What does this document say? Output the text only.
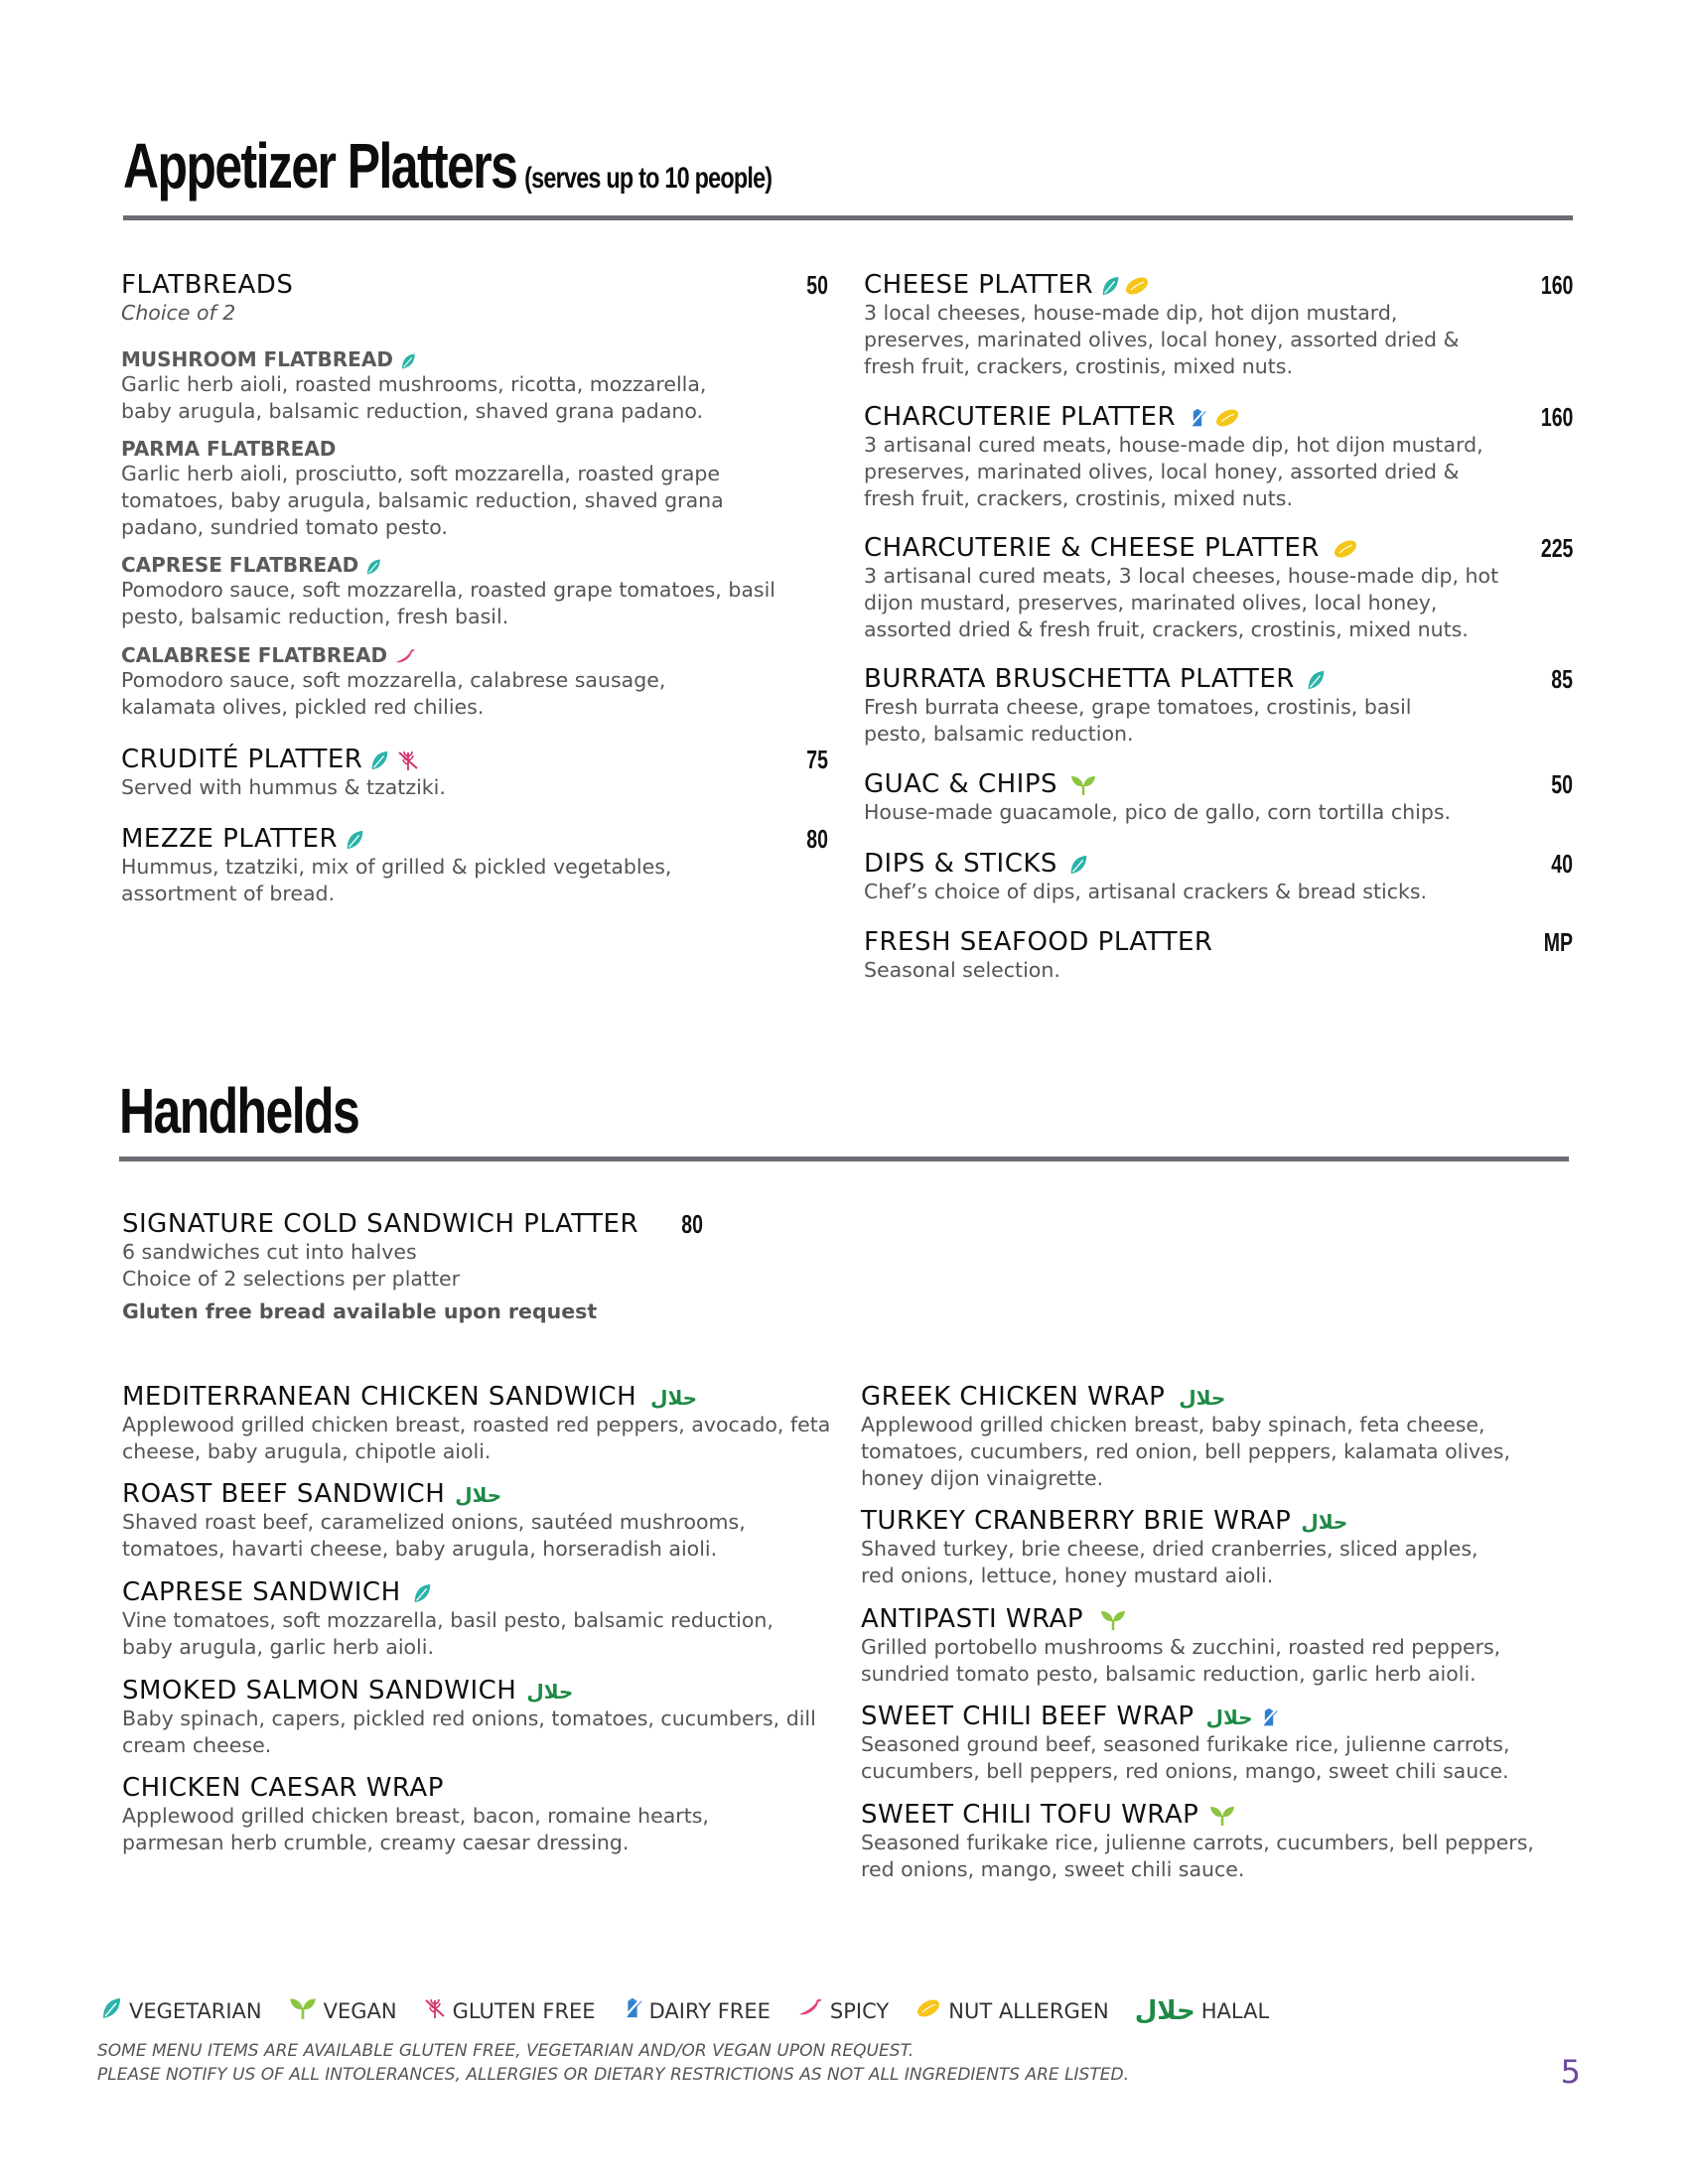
Appetizer Platters (serves up to 10 people)
FLATBREADS
Choice of 2
50
MUSHROOM FLATBREAD
Garlic herb aioli, roasted mushrooms, ricotta, mozzarella, baby arugula, balsamic reduction, shaved grana padano.
PARMA FLATBREAD
Garlic herb aioli, prosciutto, soft mozzarella, roasted grape tomatoes, baby arugula, balsamic reduction, shaved grana padano, sundried tomato pesto.
CAPRESE FLATBREAD
Pomodoro sauce, soft mozzarella, roasted grape tomatoes, basil pesto, balsamic reduction, fresh basil.
CALABRESE FLATBREAD
Pomodoro sauce, soft mozzarella, calabrese sausage, kalamata olives, pickled red chilies.
CRUDITÉ PLATTER
Served with hummus & tzatziki.
75
MEZZE PLATTER
Hummus, tzatziki, mix of grilled & pickled vegetables, assortment of bread.
80
CHEESE PLATTER
3 local cheeses, house-made dip, hot dijon mustard, preserves, marinated olives, local honey, assorted dried & fresh fruit, crackers, crostinis, mixed nuts.
160
CHARCUTERIE PLATTER
3 artisanal cured meats, house-made dip, hot dijon mustard, preserves, marinated olives, local honey, assorted dried & fresh fruit, crackers, crostinis, mixed nuts.
160
CHARCUTERIE & CHEESE PLATTER
3 artisanal cured meats, 3 local cheeses, house-made dip, hot dijon mustard, preserves, marinated olives, local honey, assorted dried & fresh fruit, crackers, crostinis, mixed nuts.
225
BURRATA BRUSCHETTA PLATTER
Fresh burrata cheese, grape tomatoes, crostinis, basil pesto, balsamic reduction.
85
GUAC & CHIPS
House-made guacamole, pico de gallo, corn tortilla chips.
50
DIPS & STICKS
Chef’s choice of dips, artisanal crackers & bread sticks.
40
FRESH SEAFOOD PLATTER
Seasonal selection.
MP
Handhelds
SIGNATURE COLD SANDWICH PLATTER
6 sandwiches cut into halves
Choice of 2 selections per platter
Gluten free bread available upon request
80
MEDITERRANEAN CHICKEN SANDWICH حلال
Applewood grilled chicken breast, roasted red peppers, avocado, feta cheese, baby arugula, chipotle aioli.
ROAST BEEF SANDWICH حلال
Shaved roast beef, caramelized onions, sautéed mushrooms, tomatoes, havarti cheese, baby arugula, horseradish aioli.
CAPRESE SANDWICH
Vine tomatoes, soft mozzarella, basil pesto, balsamic reduction, baby arugula, garlic herb aioli.
SMOKED SALMON SANDWICH حلال
Baby spinach, capers, pickled red onions, tomatoes, cucumbers, dill cream cheese.
CHICKEN CAESAR WRAP
Applewood grilled chicken breast, bacon, romaine hearts, parmesan herb crumble, creamy caesar dressing.
GREEK CHICKEN WRAP حلال
Applewood grilled chicken breast, baby spinach, feta cheese, tomatoes, cucumbers, red onion, bell peppers, kalamata olives, honey dijon vinaigrette.
TURKEY CRANBERRY BRIE WRAP حلال
Shaved turkey, brie cheese, dried cranberries, sliced apples, red onions, lettuce, honey mustard aioli.
ANTIPASTI WRAP
Grilled portobello mushrooms & zucchini, roasted red peppers, sundried tomato pesto, balsamic reduction, garlic herb aioli.
SWEET CHILI BEEF WRAP حلال
Seasoned ground beef, seasoned furikake rice, julienne carrots, cucumbers, bell peppers, red onions, mango, sweet chili sauce.
SWEET CHILI TOFU WRAP
Seasoned furikake rice, julienne carrots, cucumbers, bell peppers, red onions, mango, sweet chili sauce.
VEGETARIAN	VEGAN	GLUTEN FREE	DAIRY FREE	SPICY	NUT ALLERGEN حلال HALAL
SOME MENU ITEMS ARE AVAILABLE GLUTEN FREE, VEGETARIAN AND/OR VEGAN UPON REQUEST.
PLEASE NOTIFY US OF ALL INTOLERANCES, ALLERGIES OR DIETARY RESTRICTIONS AS NOT ALL INGREDIENTS ARE LISTED.	5
